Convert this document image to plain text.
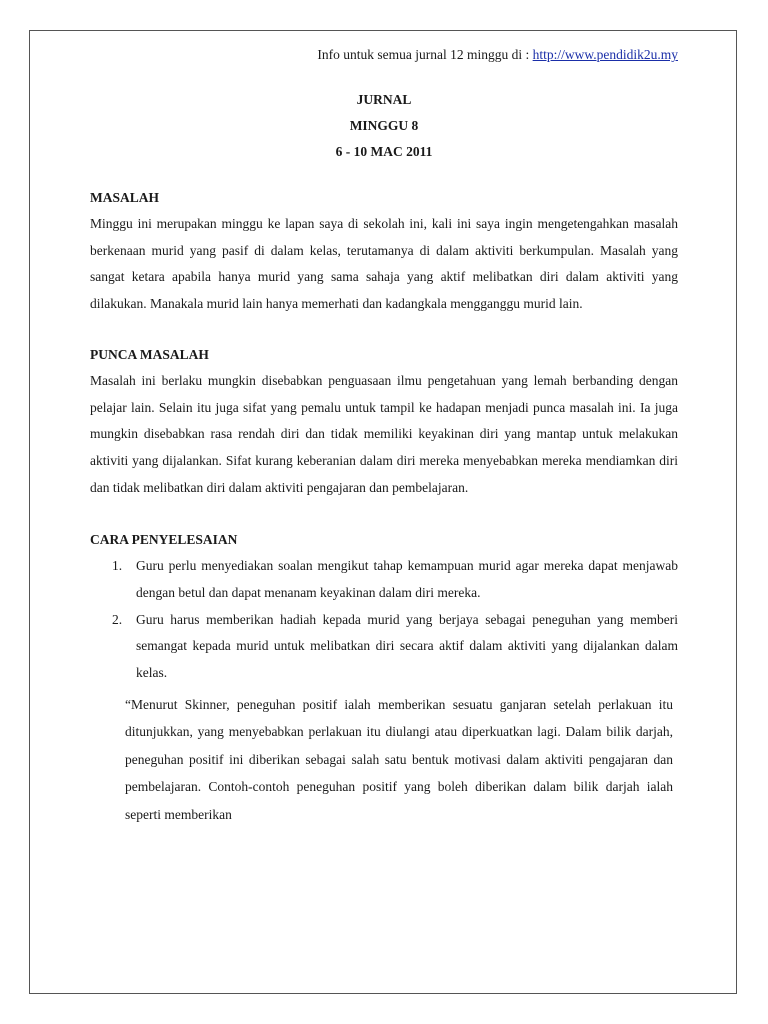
Info untuk semua jurnal 12 minggu di : http://www.pendidik2u.my
JURNAL
MINGGU 8
6 - 10 MAC 2011

MASALAH

Minggu ini merupakan minggu ke lapan saya di sekolah ini, kali ini saya ingin mengetengahkan masalah berkenaan murid yang pasif di dalam kelas, terutamanya di dalam aktiviti berkumpulan. Masalah yang sangat ketara apabila hanya murid yang sama sahaja yang aktif melibatkan diri dalam aktiviti yang dilakukan. Manakala murid lain hanya memerhati dan kadangkala mengganggu murid lain.

PUNCA MASALAH

Masalah ini berlaku mungkin disebabkan penguasaan ilmu pengetahuan yang lemah berbanding dengan pelajar lain. Selain itu juga sifat yang pemalu untuk tampil ke hadapan menjadi punca masalah ini. Ia juga mungkin disebabkan rasa rendah diri dan tidak memiliki keyakinan diri yang mantap untuk melakukan aktiviti yang dijalankan. Sifat kurang keberanian dalam diri mereka menyebabkan mereka mendiamkan diri dan tidak melibatkan diri dalam aktiviti pengajaran dan pembelajaran.

CARA PENYELESAIAN

1. Guru perlu menyediakan soalan mengikut tahap kemampuan murid agar mereka dapat menjawab dengan betul dan dapat menanam keyakinan dalam diri mereka.
2. Guru harus memberikan hadiah kepada murid yang berjaya sebagai peneguhan yang memberi semangat kepada murid untuk melibatkan diri secara aktif dalam aktiviti yang dijalankan dalam kelas.

“Menurut Skinner, peneguhan positif ialah memberikan sesuatu ganjaran setelah perlakuan itu ditunjukkan, yang menyebabkan perlakuan itu diulangi atau diperkuatkan lagi. Dalam bilik darjah, peneguhan positif ini diberikan sebagai salah satu bentuk motivasi dalam aktiviti pengajaran dan pembelajaran. Contoh-contoh peneguhan positif yang boleh diberikan dalam bilik darjah ialah seperti memberikan
